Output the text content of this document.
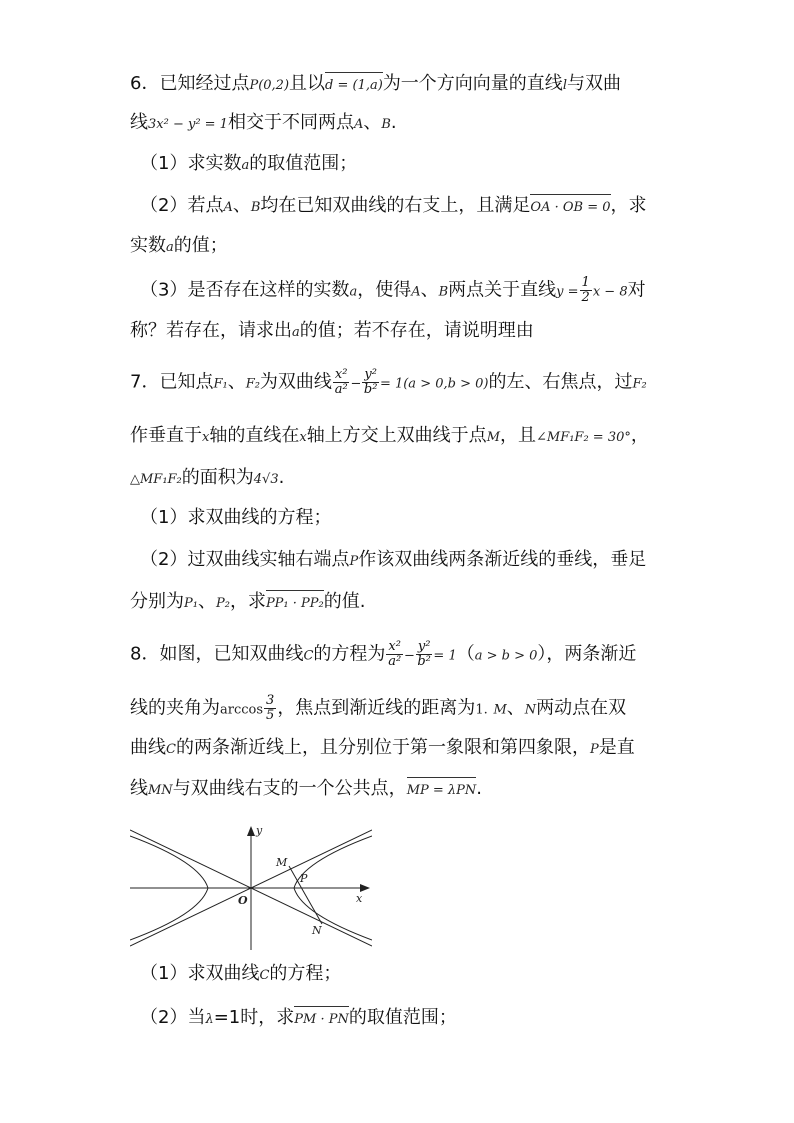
6．已知经过点P(0,2)且以d = (1,a)为一个方向向量的直线l与双曲
线3x² − y² = 1相交于不同两点A、B.
（1）求实数a的取值范围；
（2）若点A、B均在已知双曲线的右支上，且满足OA · OB = 0，求
实数a的值；
（3）是否存在这样的实数a，使得A、B两点关于直线$y = \frac{1}{2}$ x − 8对
称？若存在，请求出a的值；若不存在，请说明理由
7．已知点F₁、F₂为双曲线 $\frac{\text{x²}}{\text{a²}} - \frac{\text{y²}}{\text{b²}} = 1(a > 0,b > 0)$的左、右焦点，过F₂
作垂直于x轴的直线在x轴上方交上双曲线于点M，且∠MF₁F₂ = 30°，
△MF₁F₂的面积为4√3.
（1）求双曲线的方程；
（2）过双曲线实轴右端点P作该双曲线两条渐近线的垂线，垂足
分别为P₁、P₂，求PP₁ · PP₂的值.
8．如图，已知双曲线C的方程为 $\frac{\text{x²}}{\text{a²}} - \frac{\text{y²}}{\text{b²}} = 1(a > b > 0)$，两条渐近
线的夹角为$\arccos \frac{3}{5}$ ，焦点到渐近线的距离为1. M、N两动点在双
曲线C的两条渐近线上，且分别位于第一象限和第四象限，P是直
线MN与双曲线右支的一个公共点，MP = λPN.
y
x
O
M
P
N
（1）求双曲线C的方程；
（2）当λ=1时，求PM · PN的取值范围；
